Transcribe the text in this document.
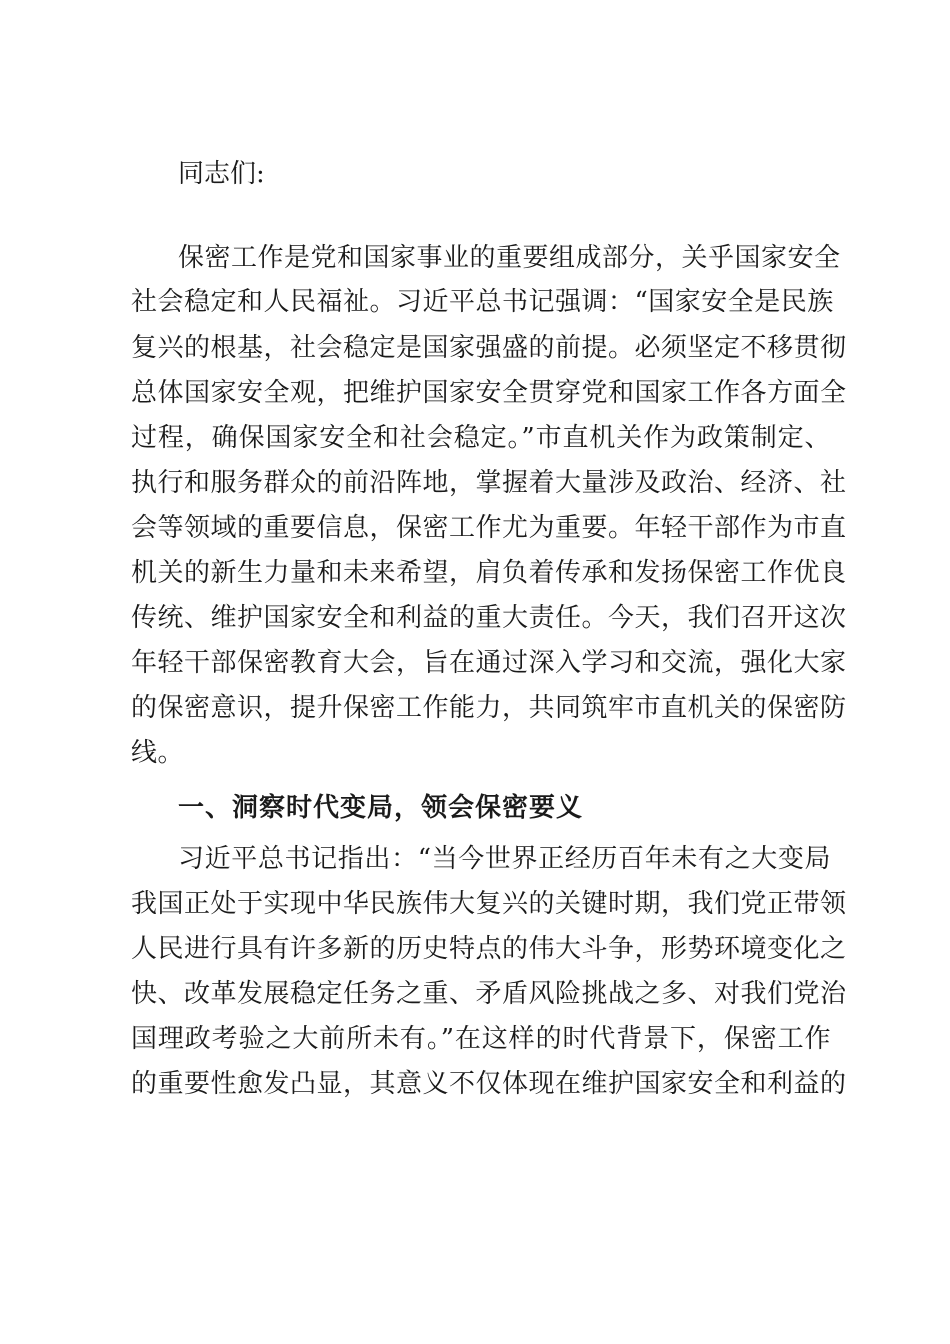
同志们:
保密工作是党和国家事业的重要组成部分，关乎国家安全
社会稳定和人民福祉。习近平总书记强调：“国家安全是民族
复兴的根基，社会稳定是国家强盛的前提。必须坚定不移贯彻
总体国家安全观，把维护国家安全贯穿党和国家工作各方面全
过程，确保国家安全和社会稳定。”市直机关作为政策制定、
执行和服务群众的前沿阵地，掌握着大量涉及政治、经济、社
会等领域的重要信息，保密工作尤为重要。年轻干部作为市直
机关的新生力量和未来希望，肩负着传承和发扬保密工作优良
传统、维护国家安全和利益的重大责任。今天，我们召开这次
年轻干部保密教育大会，旨在通过深入学习和交流，强化大家
的保密意识，提升保密工作能力，共同筑牢市直机关的保密防
线。
一、洞察时代变局，领会保密要义
习近平总书记指出：“当今世界正经历百年未有之大变局
我国正处于实现中华民族伟大复兴的关键时期，我们党正带领
人民进行具有许多新的历史特点的伟大斗争，形势环境变化之
快、改革发展稳定任务之重、矛盾风险挑战之多、对我们党治
国理政考验之大前所未有。”在这样的时代背景下，保密工作
的重要性愈发凸显，其意义不仅体现在维护国家安全和利益的
